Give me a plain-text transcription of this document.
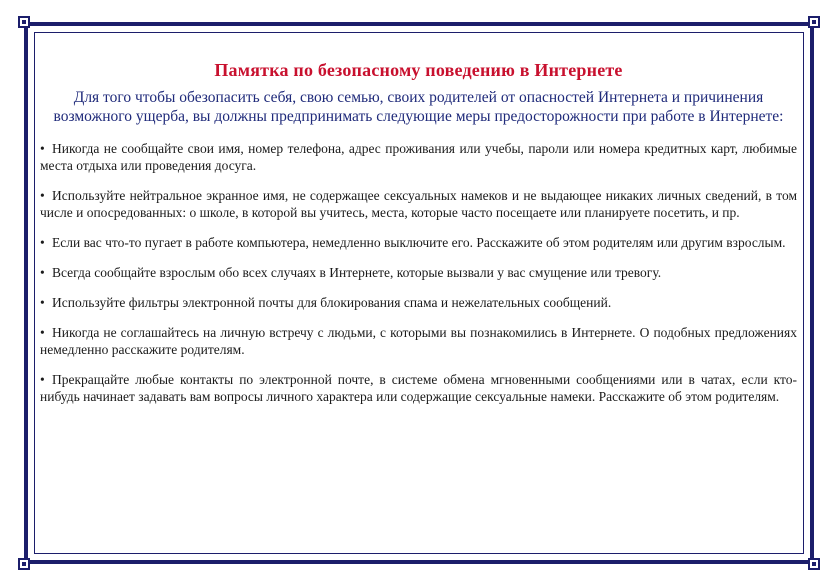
Памятка по безопасному поведению в Интернете

Для того чтобы обезопасить себя, свою семью, своих родителей от опасностей Интернета и причинения возможного ущерба, вы должны предпринимать следующие меры предосторожности при работе в Интернете:

• Никогда не сообщайте свои имя, номер телефона, адрес проживания или учебы, пароли или номера кредитных карт, любимые места отдыха или проведения досуга.
• Используйте нейтральное экранное имя, не содержащее сексуальных намеков и не выдающее никаких личных сведений, в том числе и опосредованных: о школе, в которой вы учитесь, места, которые часто посещаете или планируете посетить, и пр.
• Если вас что-то пугает в работе компьютера, немедленно выключите его. Расскажите об этом родителям или другим взрослым.
• Всегда сообщайте взрослым обо всех случаях в Интернете, которые вызвали у вас смущение или тревогу.
• Используйте фильтры электронной почты для блокирования спама и нежелательных сообщений.
• Никогда не соглашайтесь на личную встречу с людьми, с которыми вы познакомились в Интернете. О подобных предложениях немедленно расскажите родителям.
• Прекращайте любые контакты по электронной почте, в системе обмена мгновенными сообщениями или в чатах, если кто-нибудь начинает задавать вам вопросы личного характера или содержащие сексуальные намеки. Расскажите об этом родителям.
